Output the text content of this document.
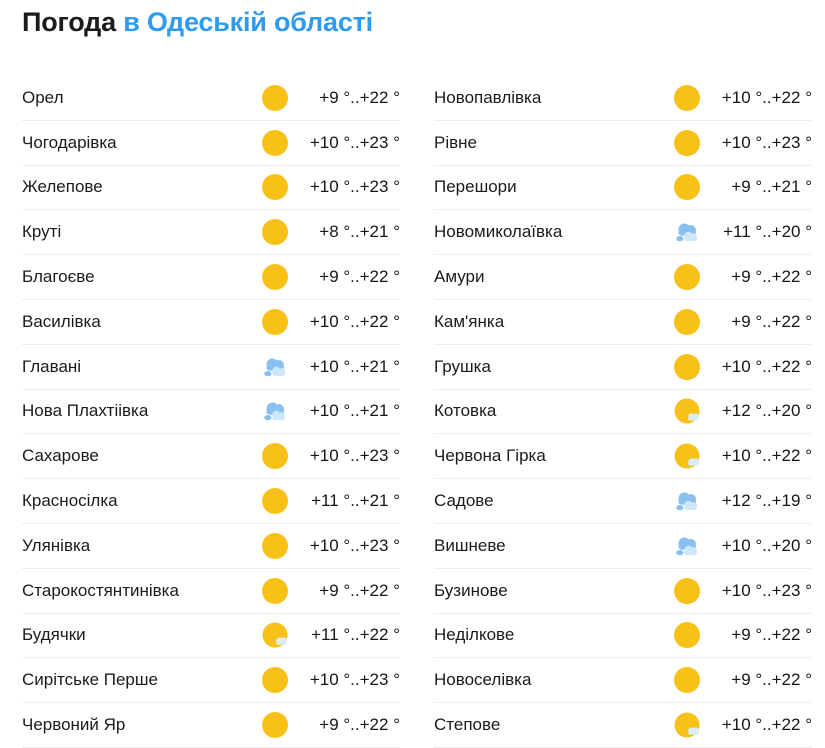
Погода в Одеській області
Орел	+9 °..+22 °
Чогодарівка	+10 °..+23 °
Желепове	+10 °..+23 °
Круті	+8 °..+21 °
Благоєве	+9 °..+22 °
Василівка	+10 °..+22 °
Главані	+10 °..+21 °
Нова Плахтіівка	+10 °..+21 °
Сахарове	+10 °..+23 °
Красносілка	+11 °..+21 °
Улянівка	+10 °..+23 °
Старокостянтинівка	+9 °..+22 °
Будячки	+11 °..+22 °
Сирітське Перше	+10 °..+23 °
Червоний Яр	+9 °..+22 °
Новопавлівка	+10 °..+22 °
Рівне	+10 °..+23 °
Перешори	+9 °..+21 °
Новомиколаївка	+11 °..+20 °
Амури	+9 °..+22 °
Кам'янка	+9 °..+22 °
Грушка	+10 °..+22 °
Котовка	+12 °..+20 °
Червона Гірка	+10 °..+22 °
Садове	+12 °..+19 °
Вишневе	+10 °..+20 °
Бузинове	+10 °..+23 °
Неділкове	+9 °..+22 °
Новоселівка	+9 °..+22 °
Степове	+10 °..+22 °
